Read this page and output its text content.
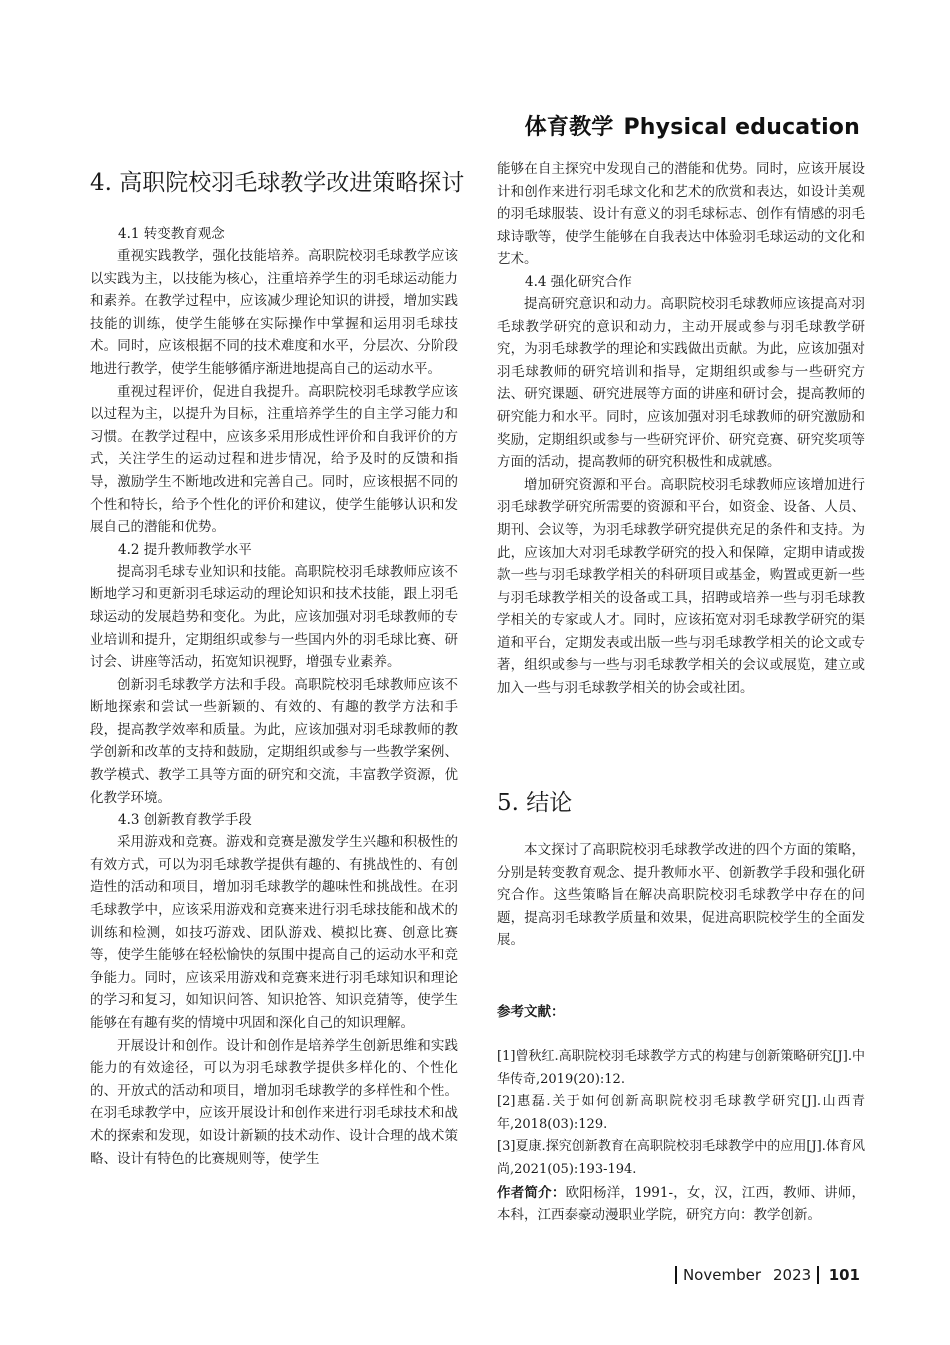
体育教学 Physical education
4. 高职院校羽毛球教学改进策略探讨
4.1 转变教育观念

重视实践教学，强化技能培养。高职院校羽毛球教学应该以实践为主，以技能为核心，注重培养学生的羽毛球运动能力和素养。在教学过程中，应该减少理论知识的讲授，增加实践技能的训练，使学生能够在实际操作中掌握和运用羽毛球技术。同时，应该根据不同的技术难度和水平，分层次、分阶段地进行教学，使学生能够循序渐进地提高自己的运动水平。

重视过程评价，促进自我提升。高职院校羽毛球教学应该以过程为主，以提升为目标，注重培养学生的自主学习能力和习惯。在教学过程中，应该多采用形成性评价和自我评价的方式，关注学生的运动过程和进步情况，给予及时的反馈和指导，激励学生不断地改进和完善自己。同时，应该根据不同的个性和特长，给予个性化的评价和建议，使学生能够认识和发展自己的潜能和优势。

4.2 提升教师教学水平

提高羽毛球专业知识和技能。高职院校羽毛球教师应该不断地学习和更新羽毛球运动的理论知识和技术技能，跟上羽毛球运动的发展趋势和变化。为此，应该加强对羽毛球教师的专业培训和提升，定期组织或参与一些国内外的羽毛球比赛、研讨会、讲座等活动，拓宽知识视野，增强专业素养。

创新羽毛球教学方法和手段。高职院校羽毛球教师应该不断地探索和尝试一些新颖的、有效的、有趣的教学方法和手段，提高教学效率和质量。为此，应该加强对羽毛球教师的教学创新和改革的支持和鼓励，定期组织或参与一些教学案例、教学模式、教学工具等方面的研究和交流，丰富教学资源，优化教学环境。

4.3 创新教育教学手段

采用游戏和竞赛。游戏和竞赛是激发学生兴趣和积极性的有效方式，可以为羽毛球教学提供有趣的、有挑战性的、有创造性的活动和项目，增加羽毛球教学的趣味性和挑战性。在羽毛球教学中，应该采用游戏和竞赛来进行羽毛球技能和战术的训练和检测，如技巧游戏、团队游戏、模拟比赛、创意比赛等，使学生能够在轻松愉快的氛围中提高自己的运动水平和竞争能力。同时，应该采用游戏和竞赛来进行羽毛球知识和理论的学习和复习，如知识问答、知识抢答、知识竞猜等，使学生能够在有趣有奖的情境中巩固和深化自己的知识理解。

开展设计和创作。设计和创作是培养学生创新思维和实践能力的有效途径，可以为羽毛球教学提供多样化的、个性化的、开放式的活动和项目，增加羽毛球教学的多样性和个性。在羽毛球教学中，应该开展设计和创作来进行羽毛球技术和战术的探索和发现，如设计新颖的技术动作、设计合理的战术策略、设计有特色的比赛规则等，使学生

能够在自主探究中发现自己的潜能和优势。同时，应该开展设计和创作来进行羽毛球文化和艺术的欣赏和表达，如设计美观的羽毛球服装、设计有意义的羽毛球标志、创作有情感的羽毛球诗歌等，使学生能够在自我表达中体验羽毛球运动的文化和艺术。

4.4 强化研究合作

提高研究意识和动力。高职院校羽毛球教师应该提高对羽毛球教学研究的意识和动力，主动开展或参与羽毛球教学研究，为羽毛球教学的理论和实践做出贡献。为此，应该加强对羽毛球教师的研究培训和指导，定期组织或参与一些研究方法、研究课题、研究进展等方面的讲座和研讨会，提高教师的研究能力和水平。同时，应该加强对羽毛球教师的研究激励和奖励，定期组织或参与一些研究评价、研究竞赛、研究奖项等方面的活动，提高教师的研究积极性和成就感。

增加研究资源和平台。高职院校羽毛球教师应该增加进行羽毛球教学研究所需要的资源和平台，如资金、设备、人员、期刊、会议等，为羽毛球教学研究提供充足的条件和支持。为此，应该加大对羽毛球教学研究的投入和保障，定期申请或拨款一些与羽毛球教学相关的科研项目或基金，购置或更新一些与羽毛球教学相关的设备或工具，招聘或培养一些与羽毛球教学相关的专家或人才。同时，应该拓宽对羽毛球教学研究的渠道和平台，定期发表或出版一些与羽毛球教学相关的论文或专著，组织或参与一些与羽毛球教学相关的会议或展览，建立或加入一些与羽毛球教学相关的协会或社团。

5. 结论

本文探讨了高职院校羽毛球教学改进的四个方面的策略，分别是转变教育观念、提升教师水平、创新教学手段和强化研究合作。这些策略旨在解决高职院校羽毛球教学中存在的问题，提高羽毛球教学质量和效果，促进高职院校学生的全面发展。

参考文献：

[1]曾秋红.高职院校羽毛球教学方式的构建与创新策略研究[J].中华传奇,2019(20):12.

[2]惠磊.关于如何创新高职院校羽毛球教学研究[J].山西青年,2018(03):129.

[3]夏康.探究创新教育在高职院校羽毛球教学中的应用[J].体育风尚,2021(05):193-194.

作者简介：欧阳杨洋，1991-，女，汉，江西，教师、讲师，本科，江西泰豪动漫职业学院，研究方向：教学创新。

November 2023 101
